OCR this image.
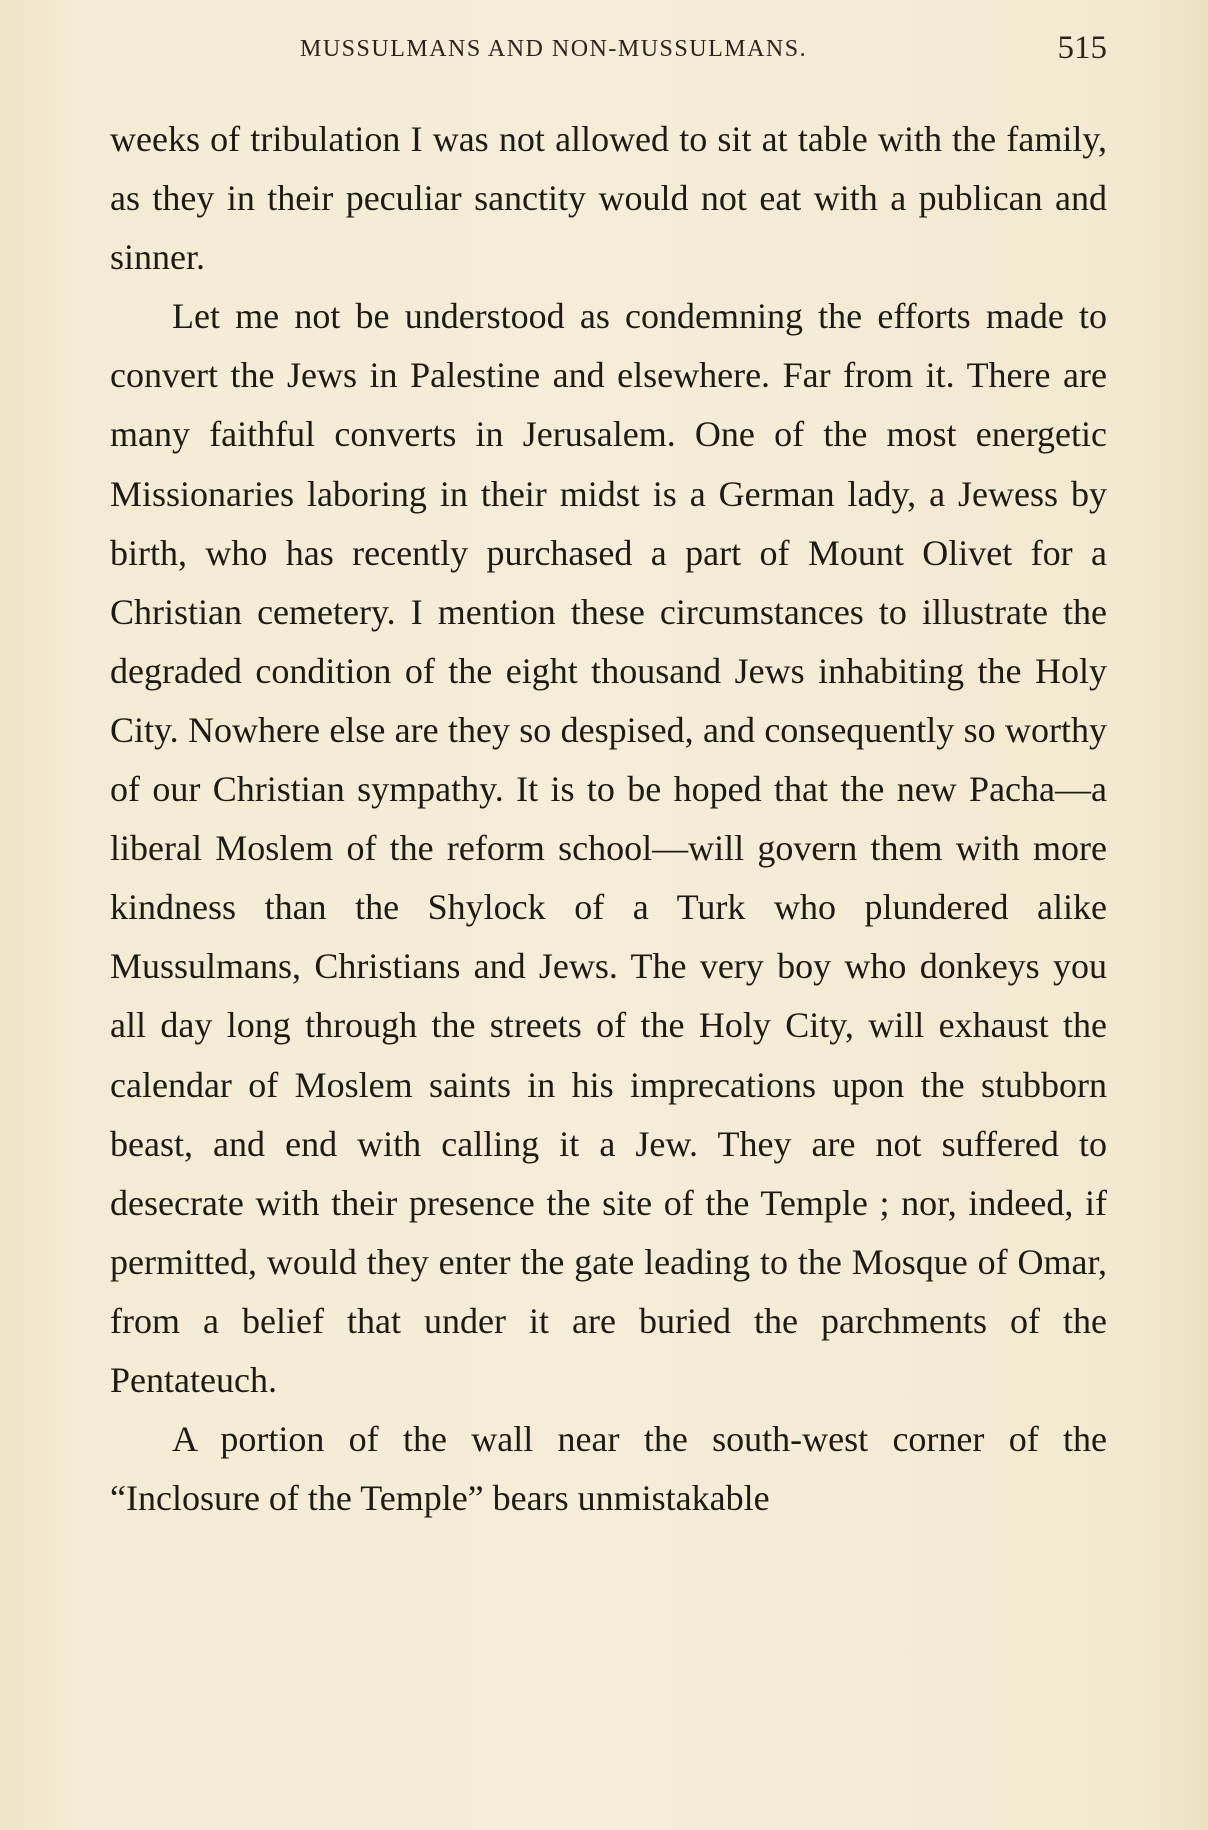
MUSSULMANS AND NON-MUSSULMANS.	515

weeks of tribulation I was not allowed to sit at table with the family, as they in their peculiar sanctity would not eat with a publican and sinner.

Let me not be understood as condemning the efforts made to convert the Jews in Palestine and elsewhere. Far from it. There are many faithful converts in Jerusalem. One of the most energetic Missionaries laboring in their midst is a German lady, a Jewess by birth, who has recently purchased a part of Mount Olivet for a Christian cemetery. I mention these circumstances to illustrate the degraded condition of the eight thousand Jews inhabiting the Holy City. Nowhere else are they so despised, and consequently so worthy of our Christian sympathy. It is to be hoped that the new Pacha—a liberal Moslem of the reform school—will govern them with more kindness than the Shylock of a Turk who plundered alike Mussulmans, Christians and Jews. The very boy who donkeys you all day long through the streets of the Holy City, will exhaust the calendar of Moslem saints in his imprecations upon the stubborn beast, and end with calling it a Jew. They are not suffered to desecrate with their presence the site of the Temple ; nor, indeed, if permitted, would they enter the gate leading to the Mosque of Omar, from a belief that under it are buried the parchments of the Pentateuch.

A portion of the wall near the south-west corner of the “Inclosure of the Temple” bears unmistakable
